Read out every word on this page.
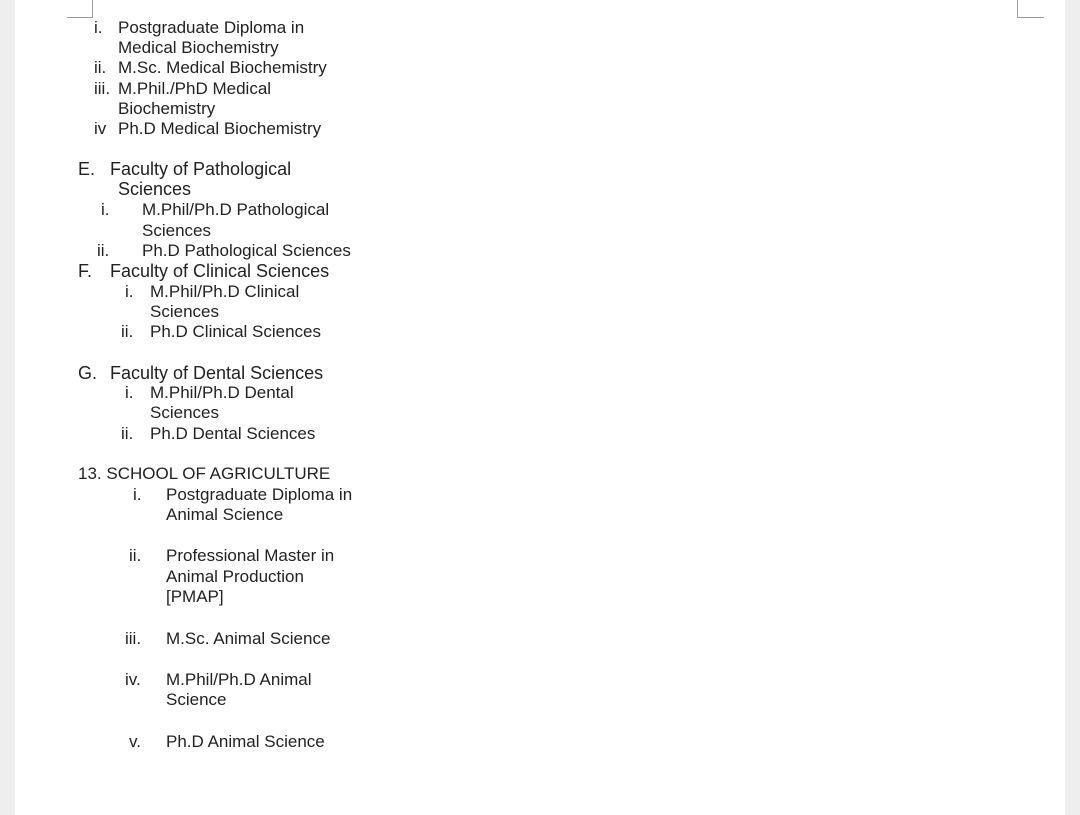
i. Postgraduate Diploma in
Medical Biochemistry
ii. M.Sc. Medical Biochemistry
iii. M.Phil./PhD Medical
Biochemistry
iv Ph.D Medical Biochemistry
E. Faculty of Pathological
Sciences
i. M.Phil/Ph.D Pathological
Sciences
ii. Ph.D Pathological Sciences
F. Faculty of Clinical Sciences
i. M.Phil/Ph.D Clinical
Sciences
ii. Ph.D Clinical Sciences
G. Faculty of Dental Sciences
i. M.Phil/Ph.D Dental
Sciences
ii. Ph.D Dental Sciences
13. SCHOOL OF AGRICULTURE
i. Postgraduate Diploma in
Animal Science
ii. Professional Master in
Animal Production
[PMAP]
iii. M.Sc. Animal Science
iv. M.Phil/Ph.D Animal
Science
v. Ph.D Animal Science
